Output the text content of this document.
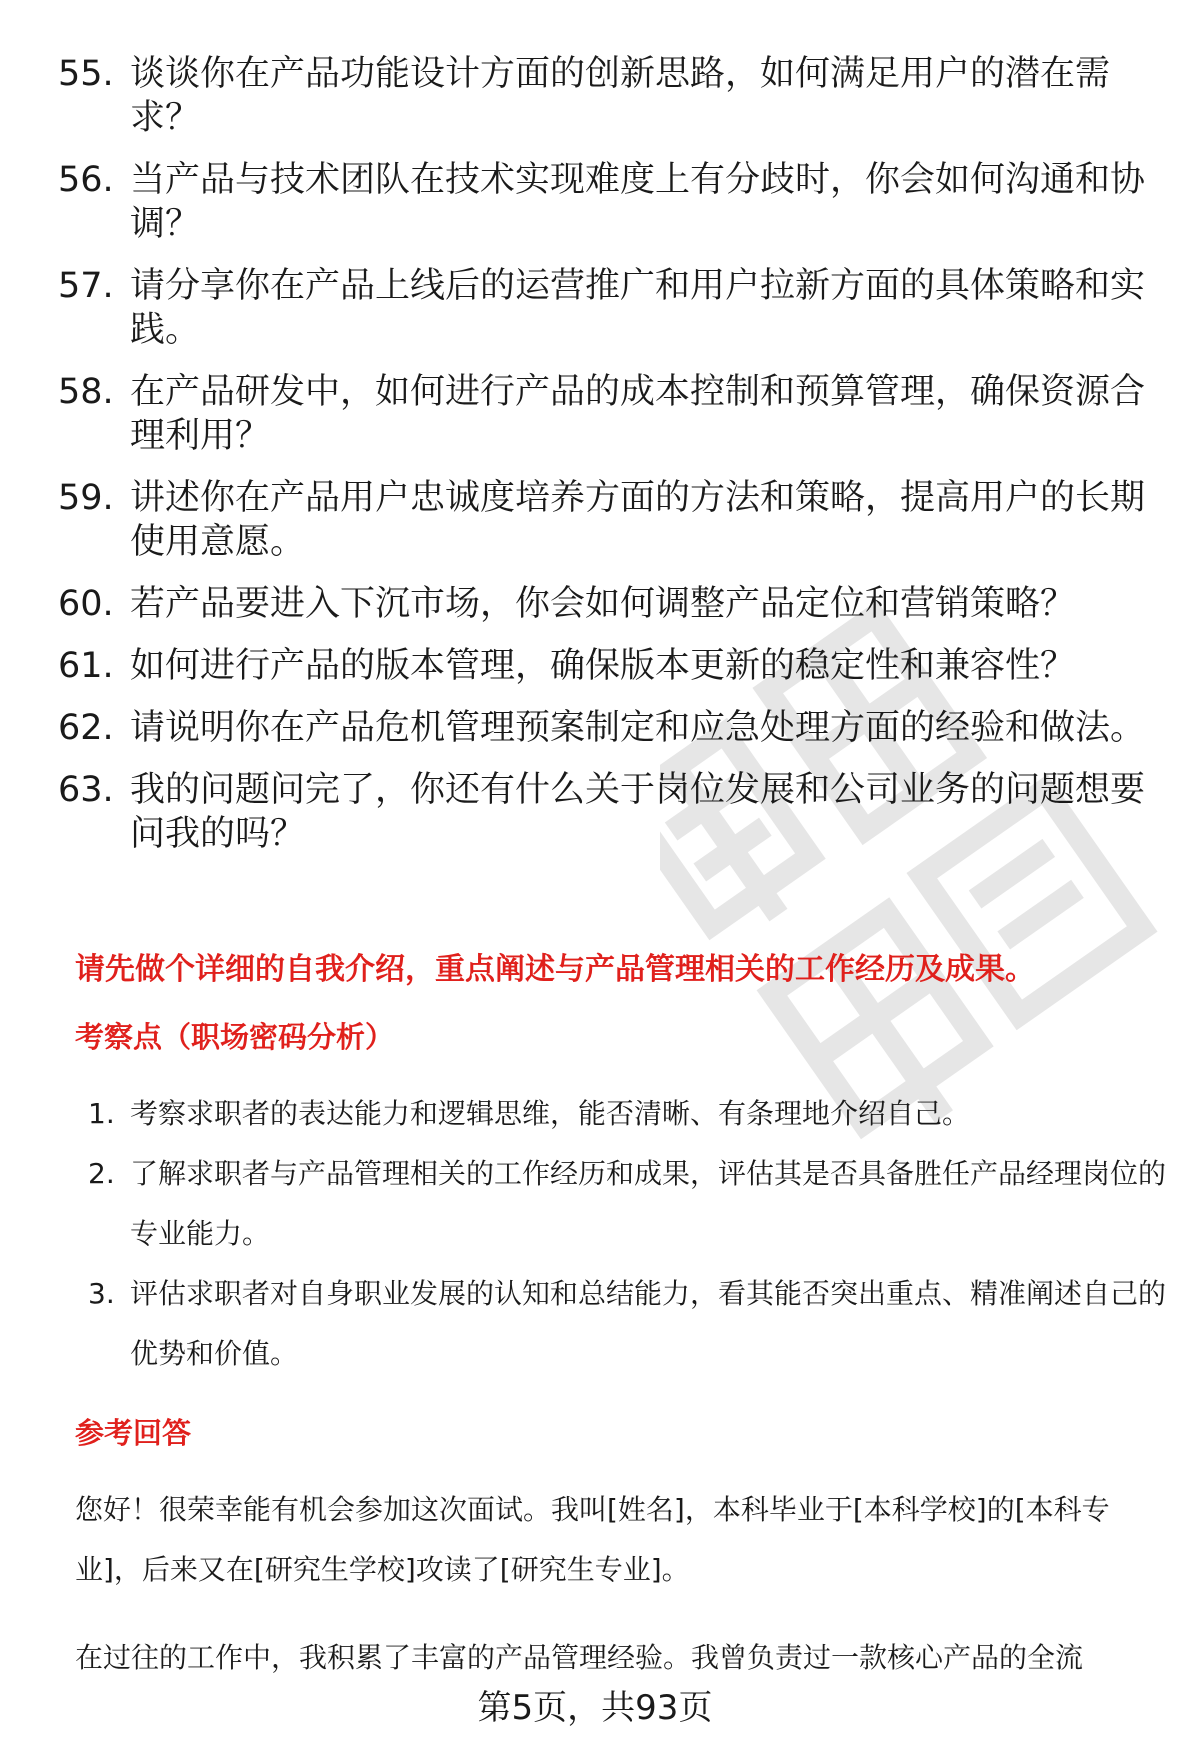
55. 谈谈你在产品功能设计方面的创新思路，如何满足用户的潜在需求？
56. 当产品与技术团队在技术实现难度上有分歧时，你会如何沟通和协调？
57. 请分享你在产品上线后的运营推广和用户拉新方面的具体策略和实践。
58. 在产品研发中，如何进行产品的成本控制和预算管理，确保资源合理利用？
59. 讲述你在产品用户忠诚度培养方面的方法和策略，提高用户的长期使用意愿。
60. 若产品要进入下沉市场，你会如何调整产品定位和营销策略？
61. 如何进行产品的版本管理，确保版本更新的稳定性和兼容性？
62. 请说明你在产品危机管理预案制定和应急处理方面的经验和做法。
63. 我的问题问完了，你还有什么关于岗位发展和公司业务的问题想要问我的吗？

请先做个详细的自我介绍，重点阐述与产品管理相关的工作经历及成果。

考察点（职场密码分析）
1. 考察求职者的表达能力和逻辑思维，能否清晰、有条理地介绍自己。
2. 了解求职者与产品管理相关的工作经历和成果，评估其是否具备胜任产品经理岗位的专业能力。
3. 评估求职者对自身职业发展的认知和总结能力，看其能否突出重点、精准阐述自己的优势和价值。
参考回答

您好！很荣幸能有机会参加这次面试。我叫[姓名]，本科毕业于[本科学校]的[本科专业]，后来又在[研究生学校]攻读了[研究生专业]。

在过往的工作中，我积累了丰富的产品管理经验。我曾负责过一款核心产品的全流

第5页，共93页
